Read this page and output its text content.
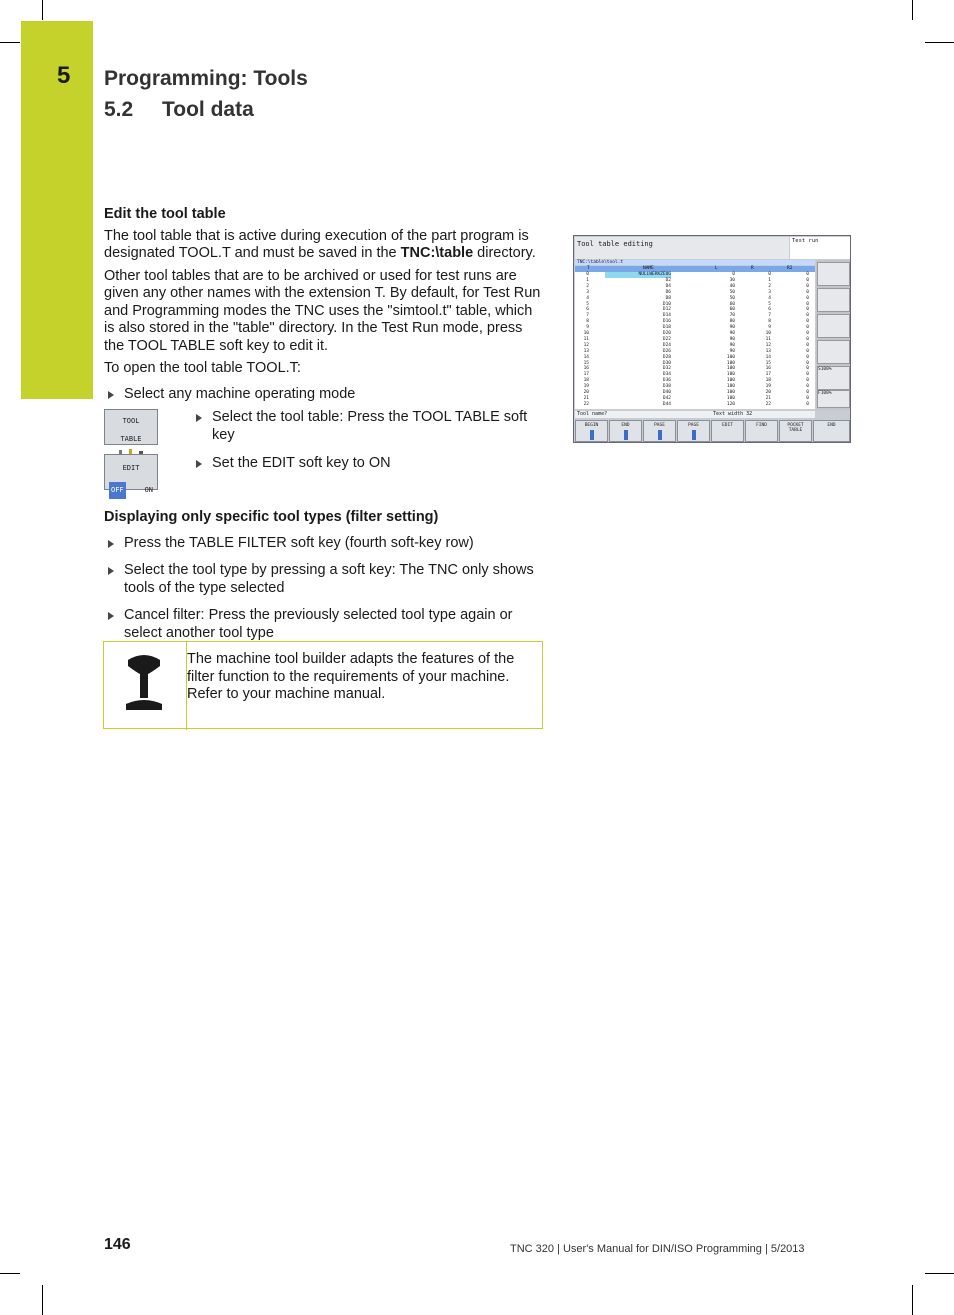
5 Programming: Tools
5.2 Tool data
Edit the tool table
The tool table that is active during execution of the part program is designated TOOL.T and must be saved in the TNC:\table directory.
Other tool tables that are to be archived or used for test runs are given any other names with the extension T. By default, for Test Run and Programming modes the TNC uses the "simtool.t" table, which is also stored in the "table" directory. In the Test Run mode, press the TOOL TABLE soft key to edit it.
To open the tool table TOOL.T:
Select any machine operating mode
TOOL
TABLE
Select the tool table: Press the TOOL TABLE soft key
EDIT
OFF	ON
Set the EDIT soft key to ON
Displaying only specific tool types (filter setting)
Press the TABLE FILTER soft key (fourth soft-key row)
Select the tool type by pressing a soft key: The TNC only shows tools of the type selected
Cancel filter: Press the previously selected tool type again or select another tool type
The machine tool builder adapts the features of the filter function to the requirements of your machine. Refer to your machine manual.
Tool table editing	Test run
TNC:\table\tool.t
T	NAME	L	R	R2
0	NULLWERKZEUG	0	0	0
1	D2	30	1	0
2	D4	40	2	0
3	D6	50	3	0
4	D8	50	4	0
5	D10	60	5	0
6	D12	60	6	0
7	D14	70	7	0
8	D16	80	8	0
9	D18	90	9	0
10	D20	90	10	0
11	D22	90	11	0
12	D24	90	12	0
13	D26	90	13	0
14	D28	100	14	0
15	D30	100	15	0
16	D32	100	16	0
17	D34	100	17	0
18	D36	100	18	0
19	D38	100	19	0
20	D40	100	20	0
21	D42	100	21	0
22	D44	120	22	0
S100%
F100%
Tool name?	Text width 32
BEGIN	END	PAGE	PAGE	EDIT	FIND	POCKET TABLE
END
146	TNC 320 | User's Manual for DIN/ISO Programming | 5/2013
